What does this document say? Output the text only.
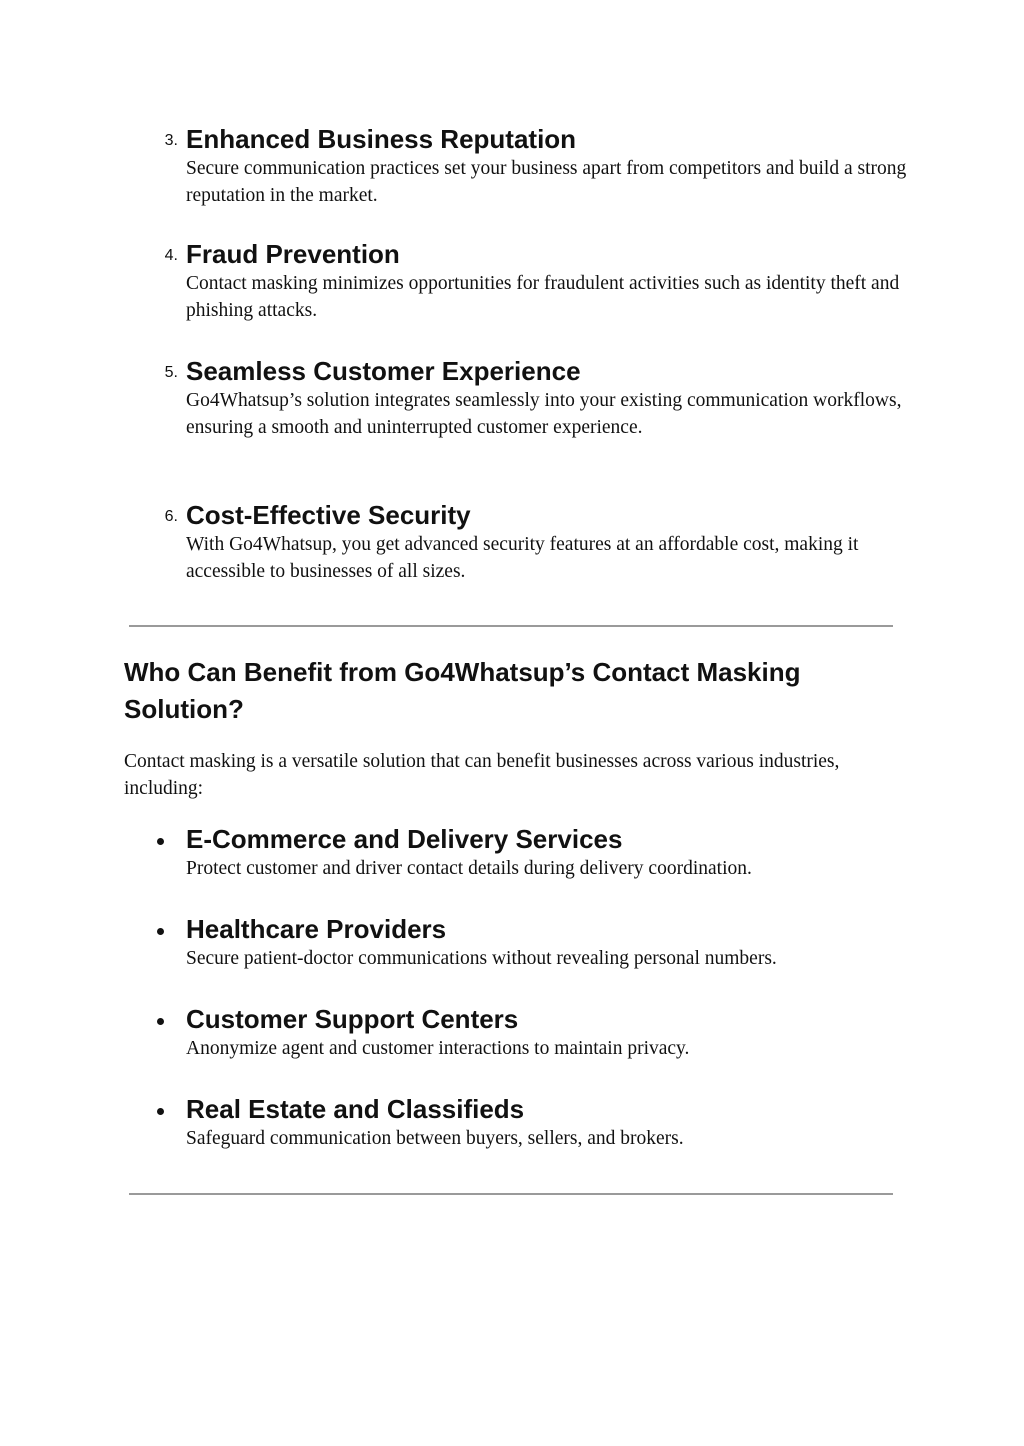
3. Enhanced Business Reputation

Secure communication practices set your business apart from competitors and build a strong reputation in the market.

4. Fraud Prevention

Contact masking minimizes opportunities for fraudulent activities such as identity theft and phishing attacks.

5. Seamless Customer Experience

Go4Whatsup’s solution integrates seamlessly into your existing communication workflows, ensuring a smooth and uninterrupted customer experience.

6. Cost-Effective Security

With Go4Whatsup, you get advanced security features at an affordable cost, making it accessible to businesses of all sizes.

Who Can Benefit from Go4Whatsup’s Contact Masking Solution?

Contact masking is a versatile solution that can benefit businesses across various industries, including:

E-Commerce and Delivery Services

Protect customer and driver contact details during delivery coordination.

Healthcare Providers

Secure patient-doctor communications without revealing personal numbers.

Customer Support Centers

Anonymize agent and customer interactions to maintain privacy.

Real Estate and Classifieds

Safeguard communication between buyers, sellers, and brokers.
